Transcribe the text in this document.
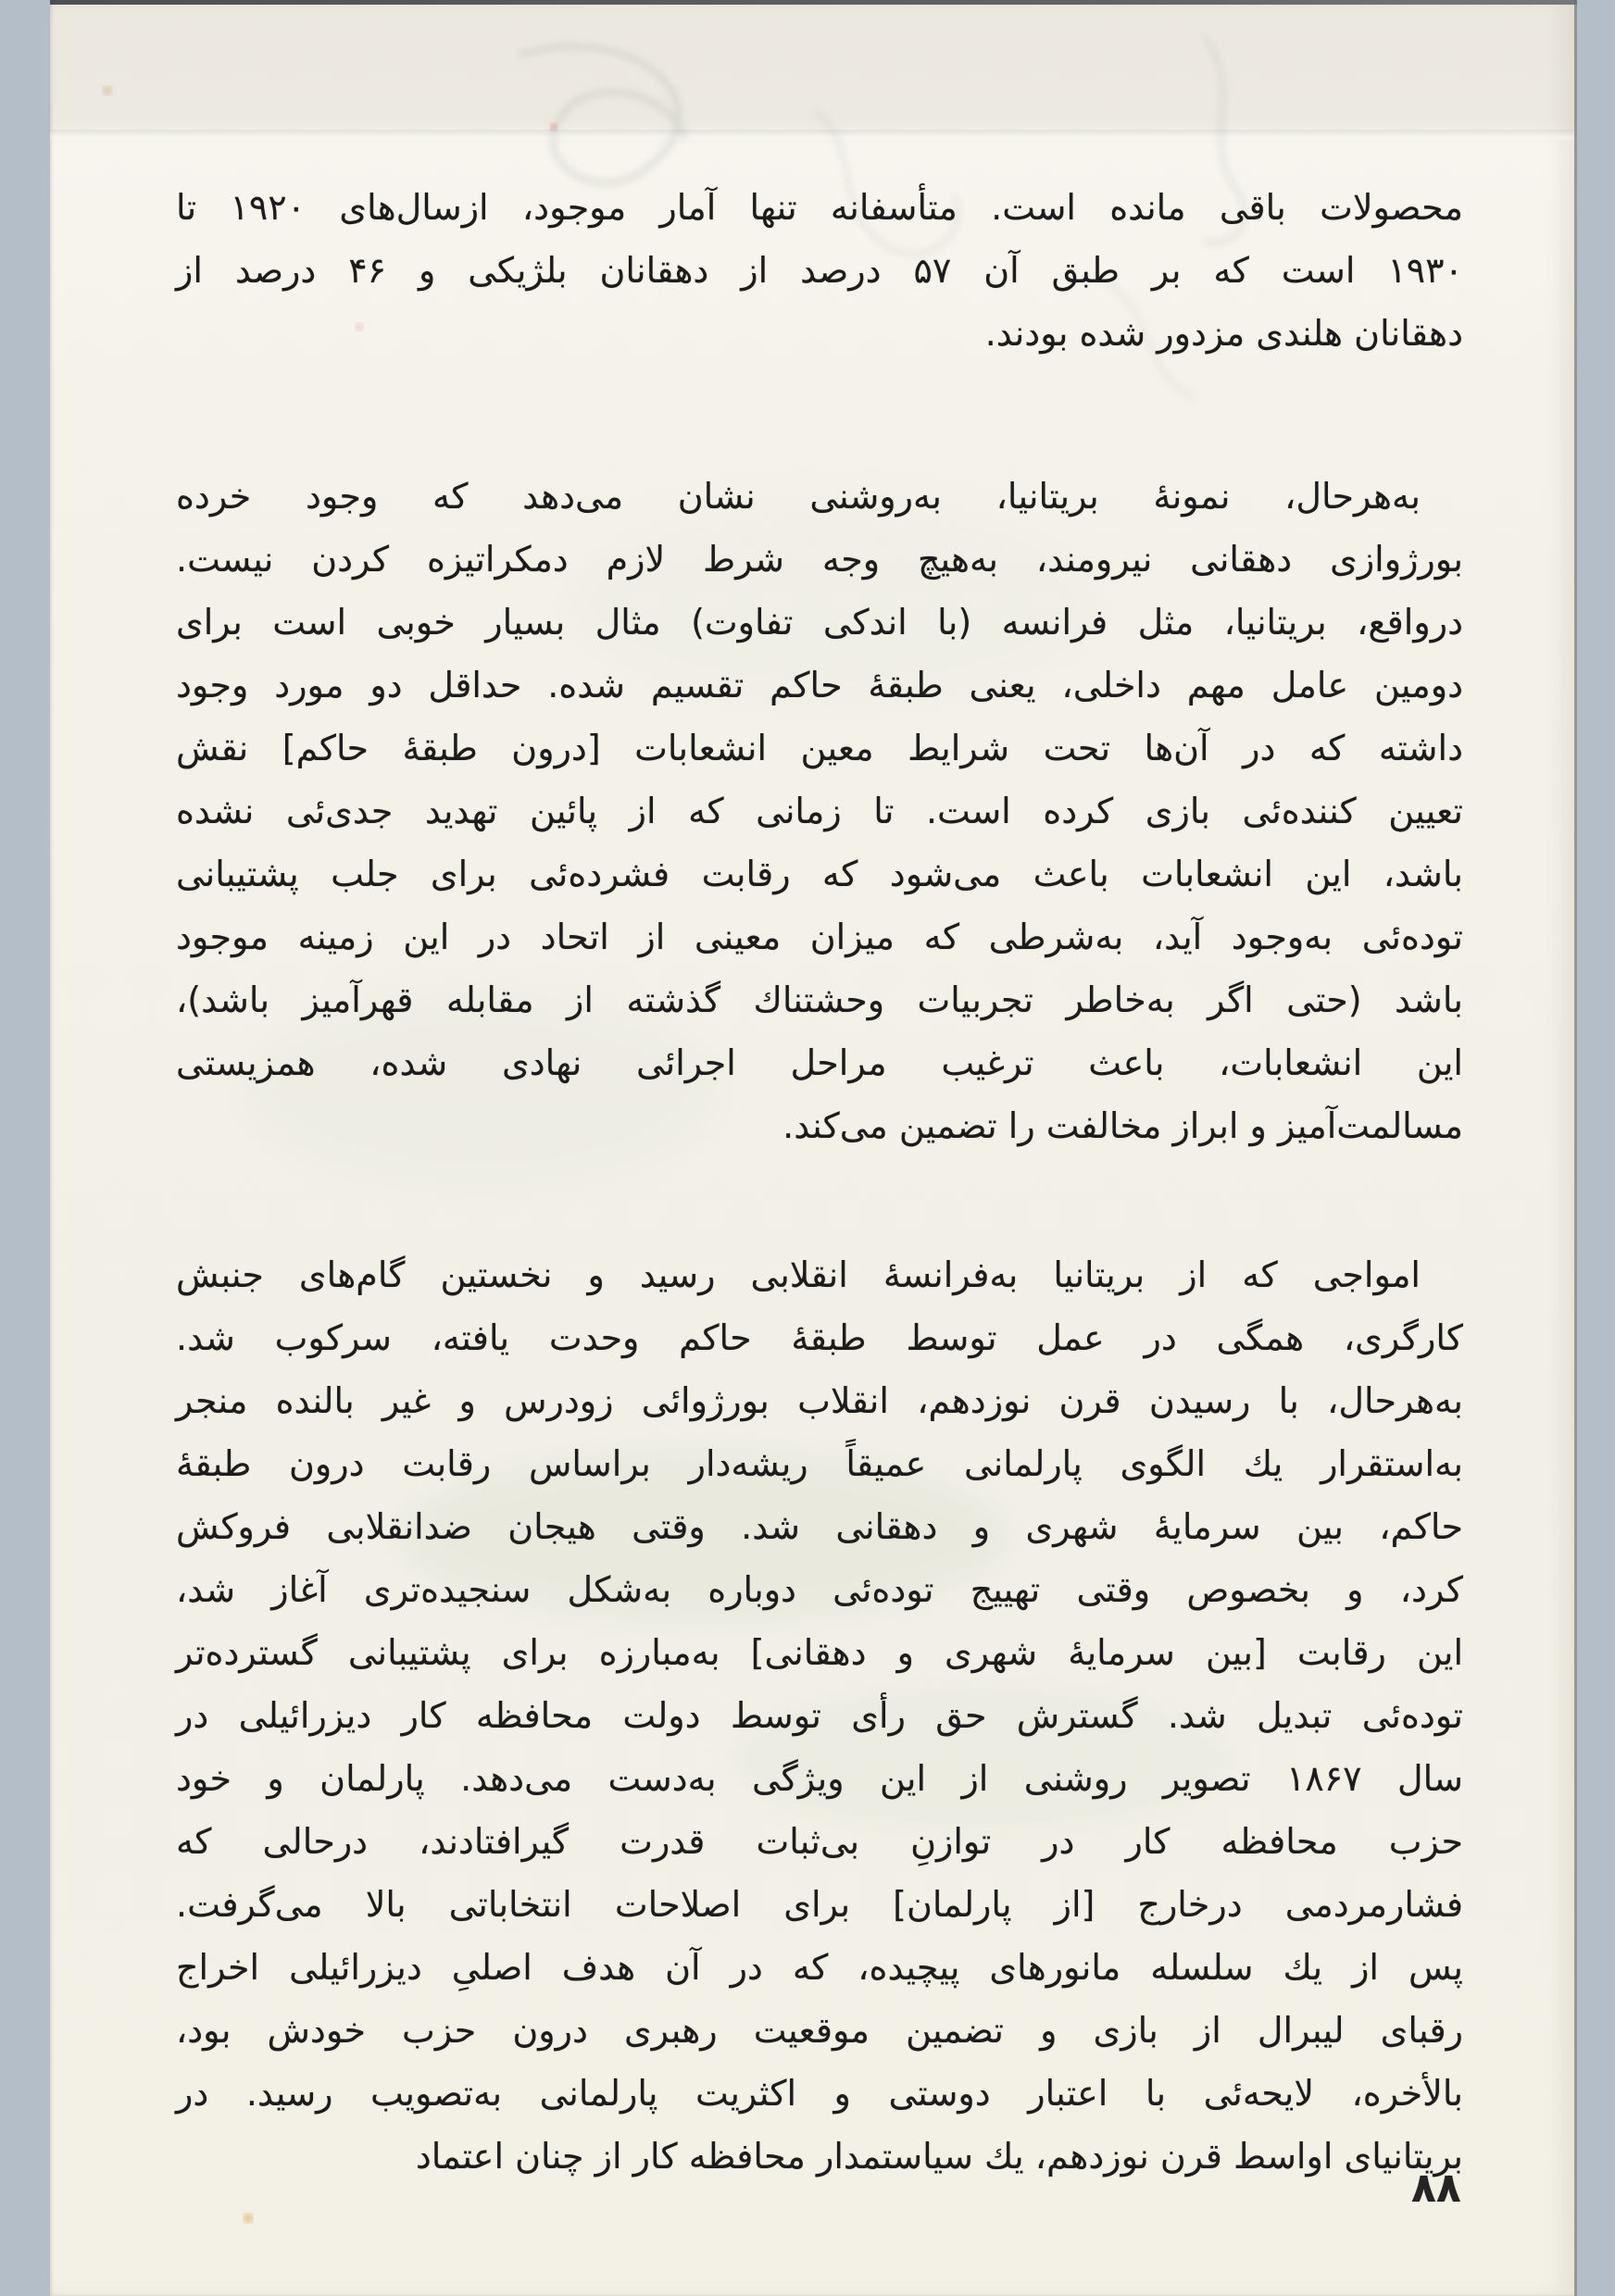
محصولات باقی مانده است. متأسفانه تنها آمار موجود، ازسال‌های ۱۹۲۰ تا
۱۹۳۰ است که بر طبق آن ۵۷ درصد از دهقانان بلژیکی و ۴۶ درصد از
دهقانان هلندی مزدور شده بودند.
به‌هرحال، نمونهٔ بریتانیا، به‌روشنی نشان می‌دهد که وجود خرده
بورژوازی دهقانی نیرومند، به‌هیچ وجه شرط لازم دمکراتیزه کردن نیست.
درواقع، بریتانیا، مثل فرانسه (با اندکی تفاوت) مثال بسیار خوبی است برای
دومین عامل مهم داخلی، یعنی طبقهٔ حاکم تقسیم شده. حداقل دو مورد وجود
داشته که در آن‌ها تحت شرایط معین انشعابات [درون طبقهٔ حاکم] نقش
تعیین کننده‌ئی بازی کرده است. تا زمانی که از پائین تهدید جدی‌ئی نشده
باشد، این انشعابات باعث می‌شود که رقابت فشرده‌ئی برای جلب پشتیبانی
توده‌ئی به‌وجود آید، به‌شرطی که میزان معینی از اتحاد در این زمینه موجود
باشد (حتی اگر به‌خاطر تجربیات وحشتناك گذشته از مقابله قهرآمیز باشد)،
این انشعابات، باعث ترغیب مراحل اجرائی نهادی شده، همزیستی
مسالمت‌آمیز و ابراز مخالفت را تضمین می‌کند.
امواجی که از بریتانیا به‌فرانسهٔ انقلابی رسید و نخستین گام‌های جنبش
کارگری، همگی در عمل توسط طبقهٔ حاکم وحدت یافته، سرکوب شد.
به‌هرحال، با رسیدن قرن نوزدهم، انقلاب بورژوائی زودرس و غیر بالنده منجر
به‌استقرار یك الگوی پارلمانی عمیقاً ریشه‌دار براساس رقابت درون طبقهٔ
حاکم، بین سرمایهٔ شهری و دهقانی شد. وقتی هیجان ضدانقلابی فروکش
کرد، و بخصوص وقتی تهییج توده‌ئی دوباره به‌شکل سنجیده‌تری آغاز شد،
این رقابت [بین سرمایهٔ شهری و دهقانی] به‌مبارزه برای پشتیبانی گسترده‌تر
توده‌ئی تبدیل شد. گسترش حق رأی توسط دولت محافظه کار دیزرائیلی در
سال ۱۸۶۷ تصویر روشنی از این ویژگی به‌دست می‌دهد. پارلمان و خود
حزب محافظه کار در توازنِ بی‌ثبات قدرت گیرافتادند، درحالی که
فشارمردمی درخارج [از پارلمان] برای اصلاحات انتخاباتی بالا می‌گرفت.
پس از یك سلسله مانورهای پیچیده، که در آن هدف اصلیِ دیزرائیلی اخراج
رقبای لیبرال از بازی و تضمین موقعیت رهبری درون حزب خودش بود،
بالأخره، لایحه‌ئی با اعتبار دوستی و اکثریت پارلمانی به‌تصویب رسید. در
بریتانیای اواسط قرن نوزدهم، یك سیاستمدار محافظه کار از چنان اعتماد
۸۸
